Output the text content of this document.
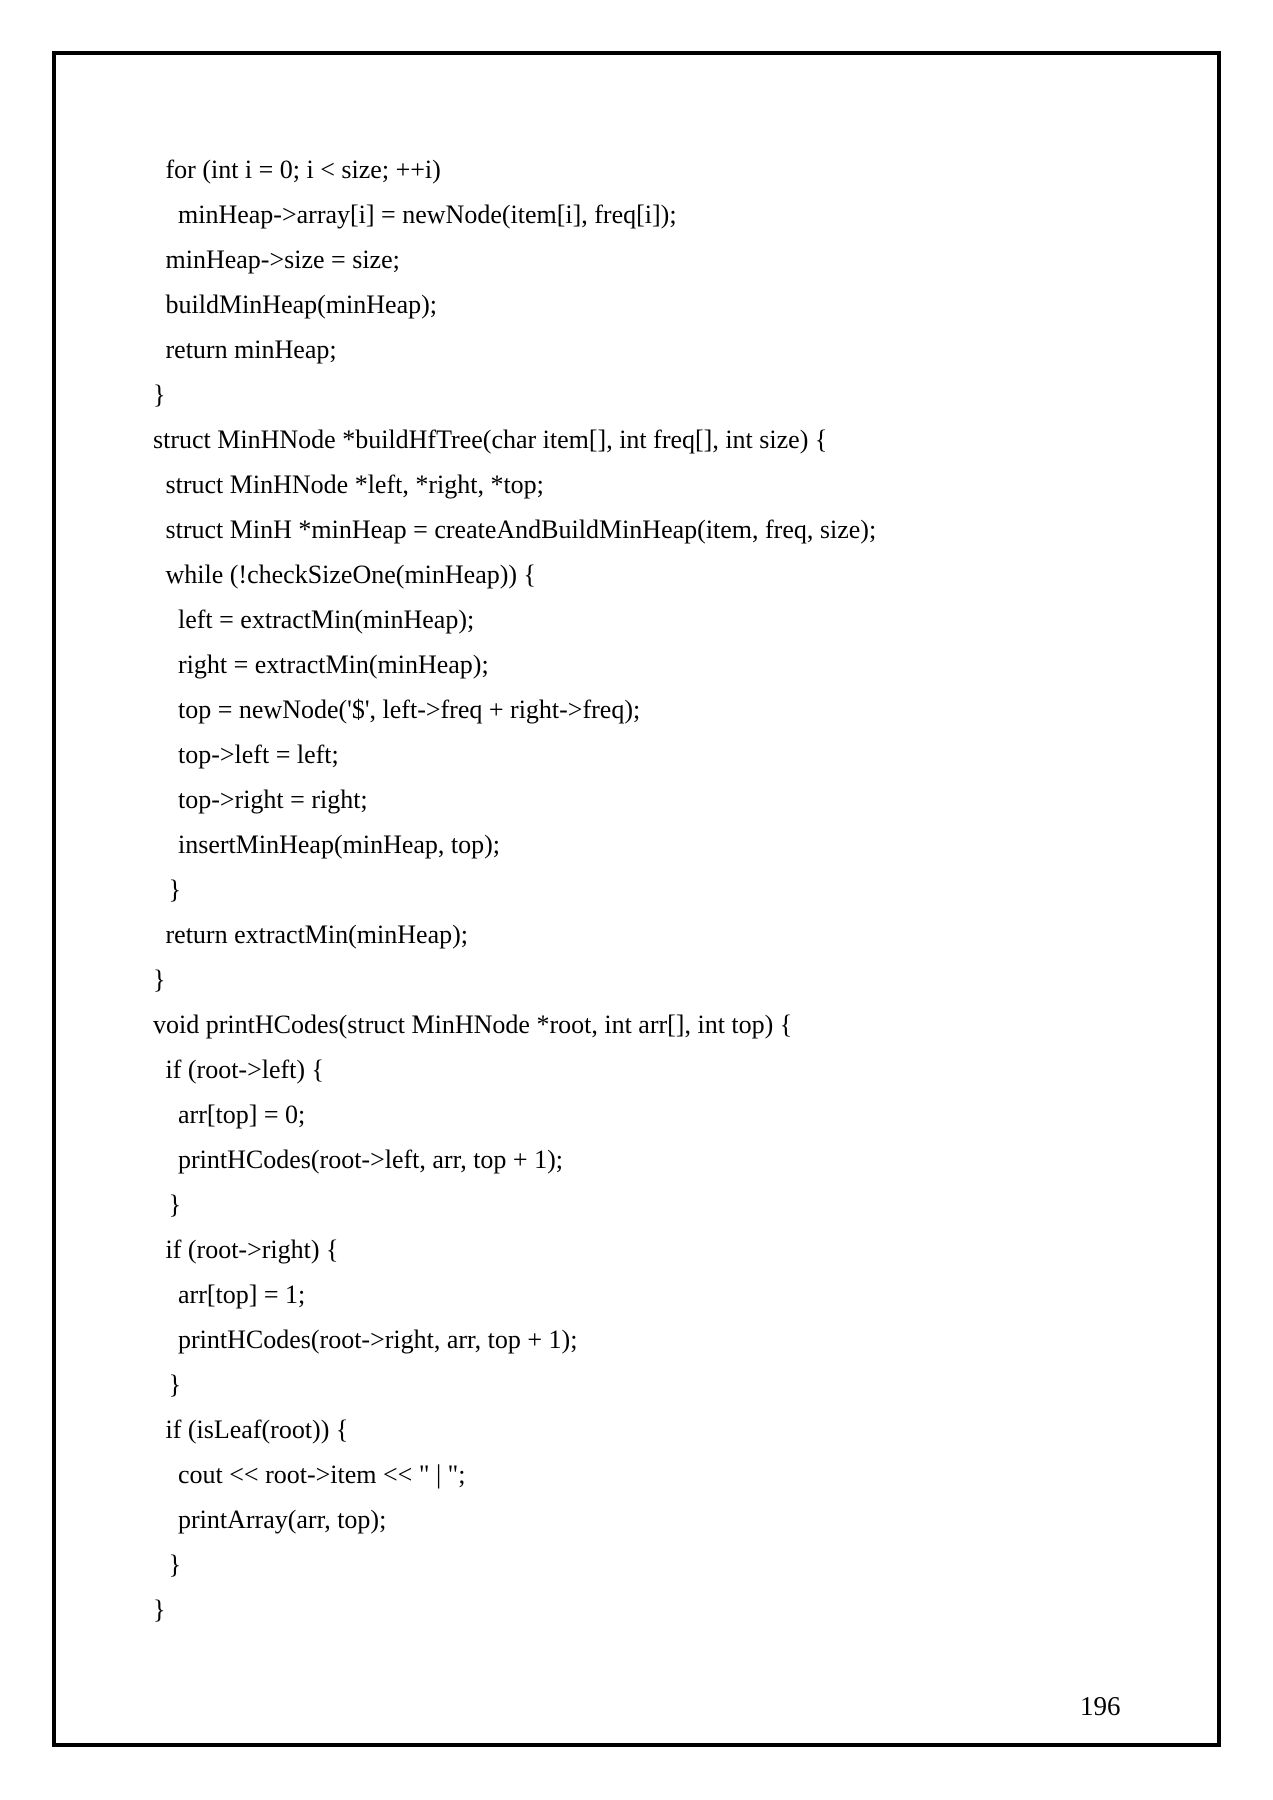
for (int i = 0; i < size; ++i)
minHeap->array[i] = newNode(item[i], freq[i]);
minHeap->size = size;
buildMinHeap(minHeap);
return minHeap;
}
struct MinHNode *buildHfTree(char item[], int freq[], int size) {
struct MinHNode *left, *right, *top;
struct MinH *minHeap = createAndBuildMinHeap(item, freq, size);
while (!checkSizeOne(minHeap)) {
left = extractMin(minHeap);
right = extractMin(minHeap);
top = newNode('$', left->freq + right->freq);
top->left = left;
top->right = right;
insertMinHeap(minHeap, top);
}
return extractMin(minHeap);
}
void printHCodes(struct MinHNode *root, int arr[], int top) {
if (root->left) {
arr[top] = 0;
printHCodes(root->left, arr, top + 1);
}
if (root->right) {
arr[top] = 1;
printHCodes(root->right, arr, top + 1);
}
if (isLeaf(root)) {
cout << root->item << " | ";
printArray(arr, top);
}
}
196
